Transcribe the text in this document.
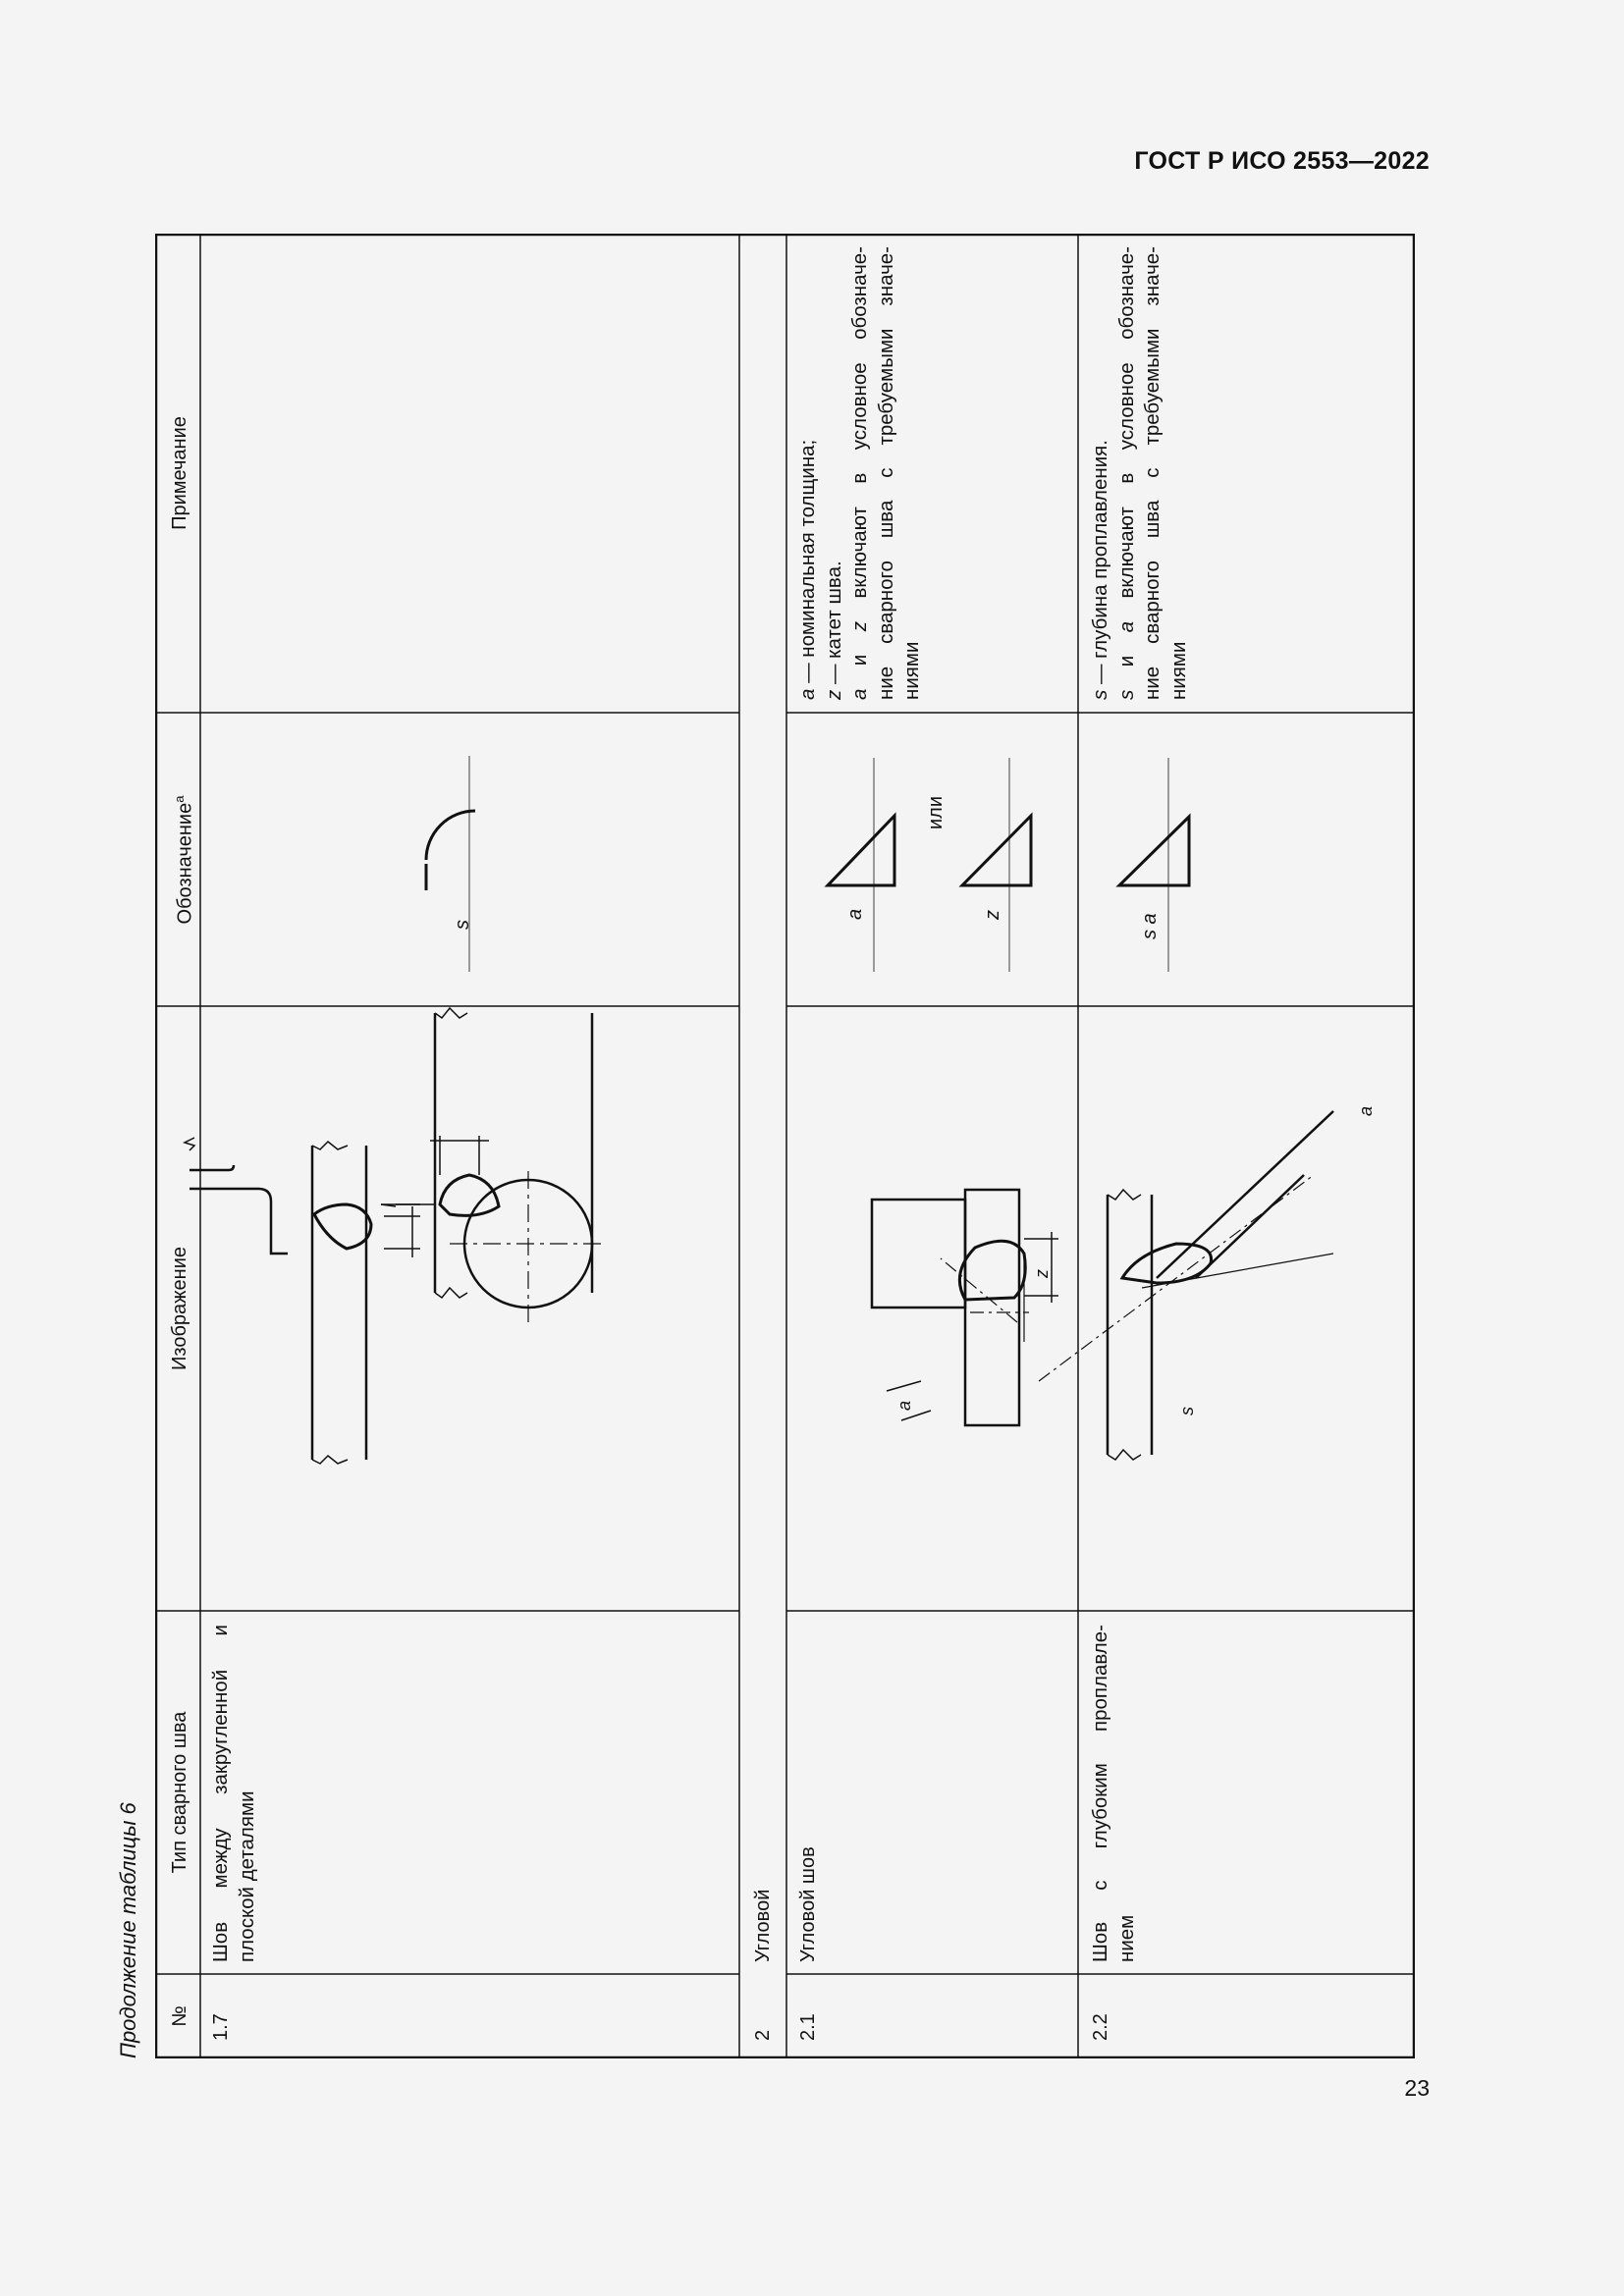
ГОСТ Р ИСО 2553—2022
Продолжение таблицы 6 №
Тип сварного шва
Изображение
Обозначение$^а$
Примечание
1.7

Шов между закругленной и плоской деталями

s
2
Угловой
2.1
Угловой шов
a
или
z
a
z

a — номинальная толщина;

z — катет шва.

a и z включают в условное обозначе- ние сварного шва с требуемыми значе- ниями

2.2

Шов с глубоким проплавле- нием

s a
s
a

s — глубина проплавления.

s и a включают в условное обозначе- ние сварного шва с требуемыми значе- ниями

23
